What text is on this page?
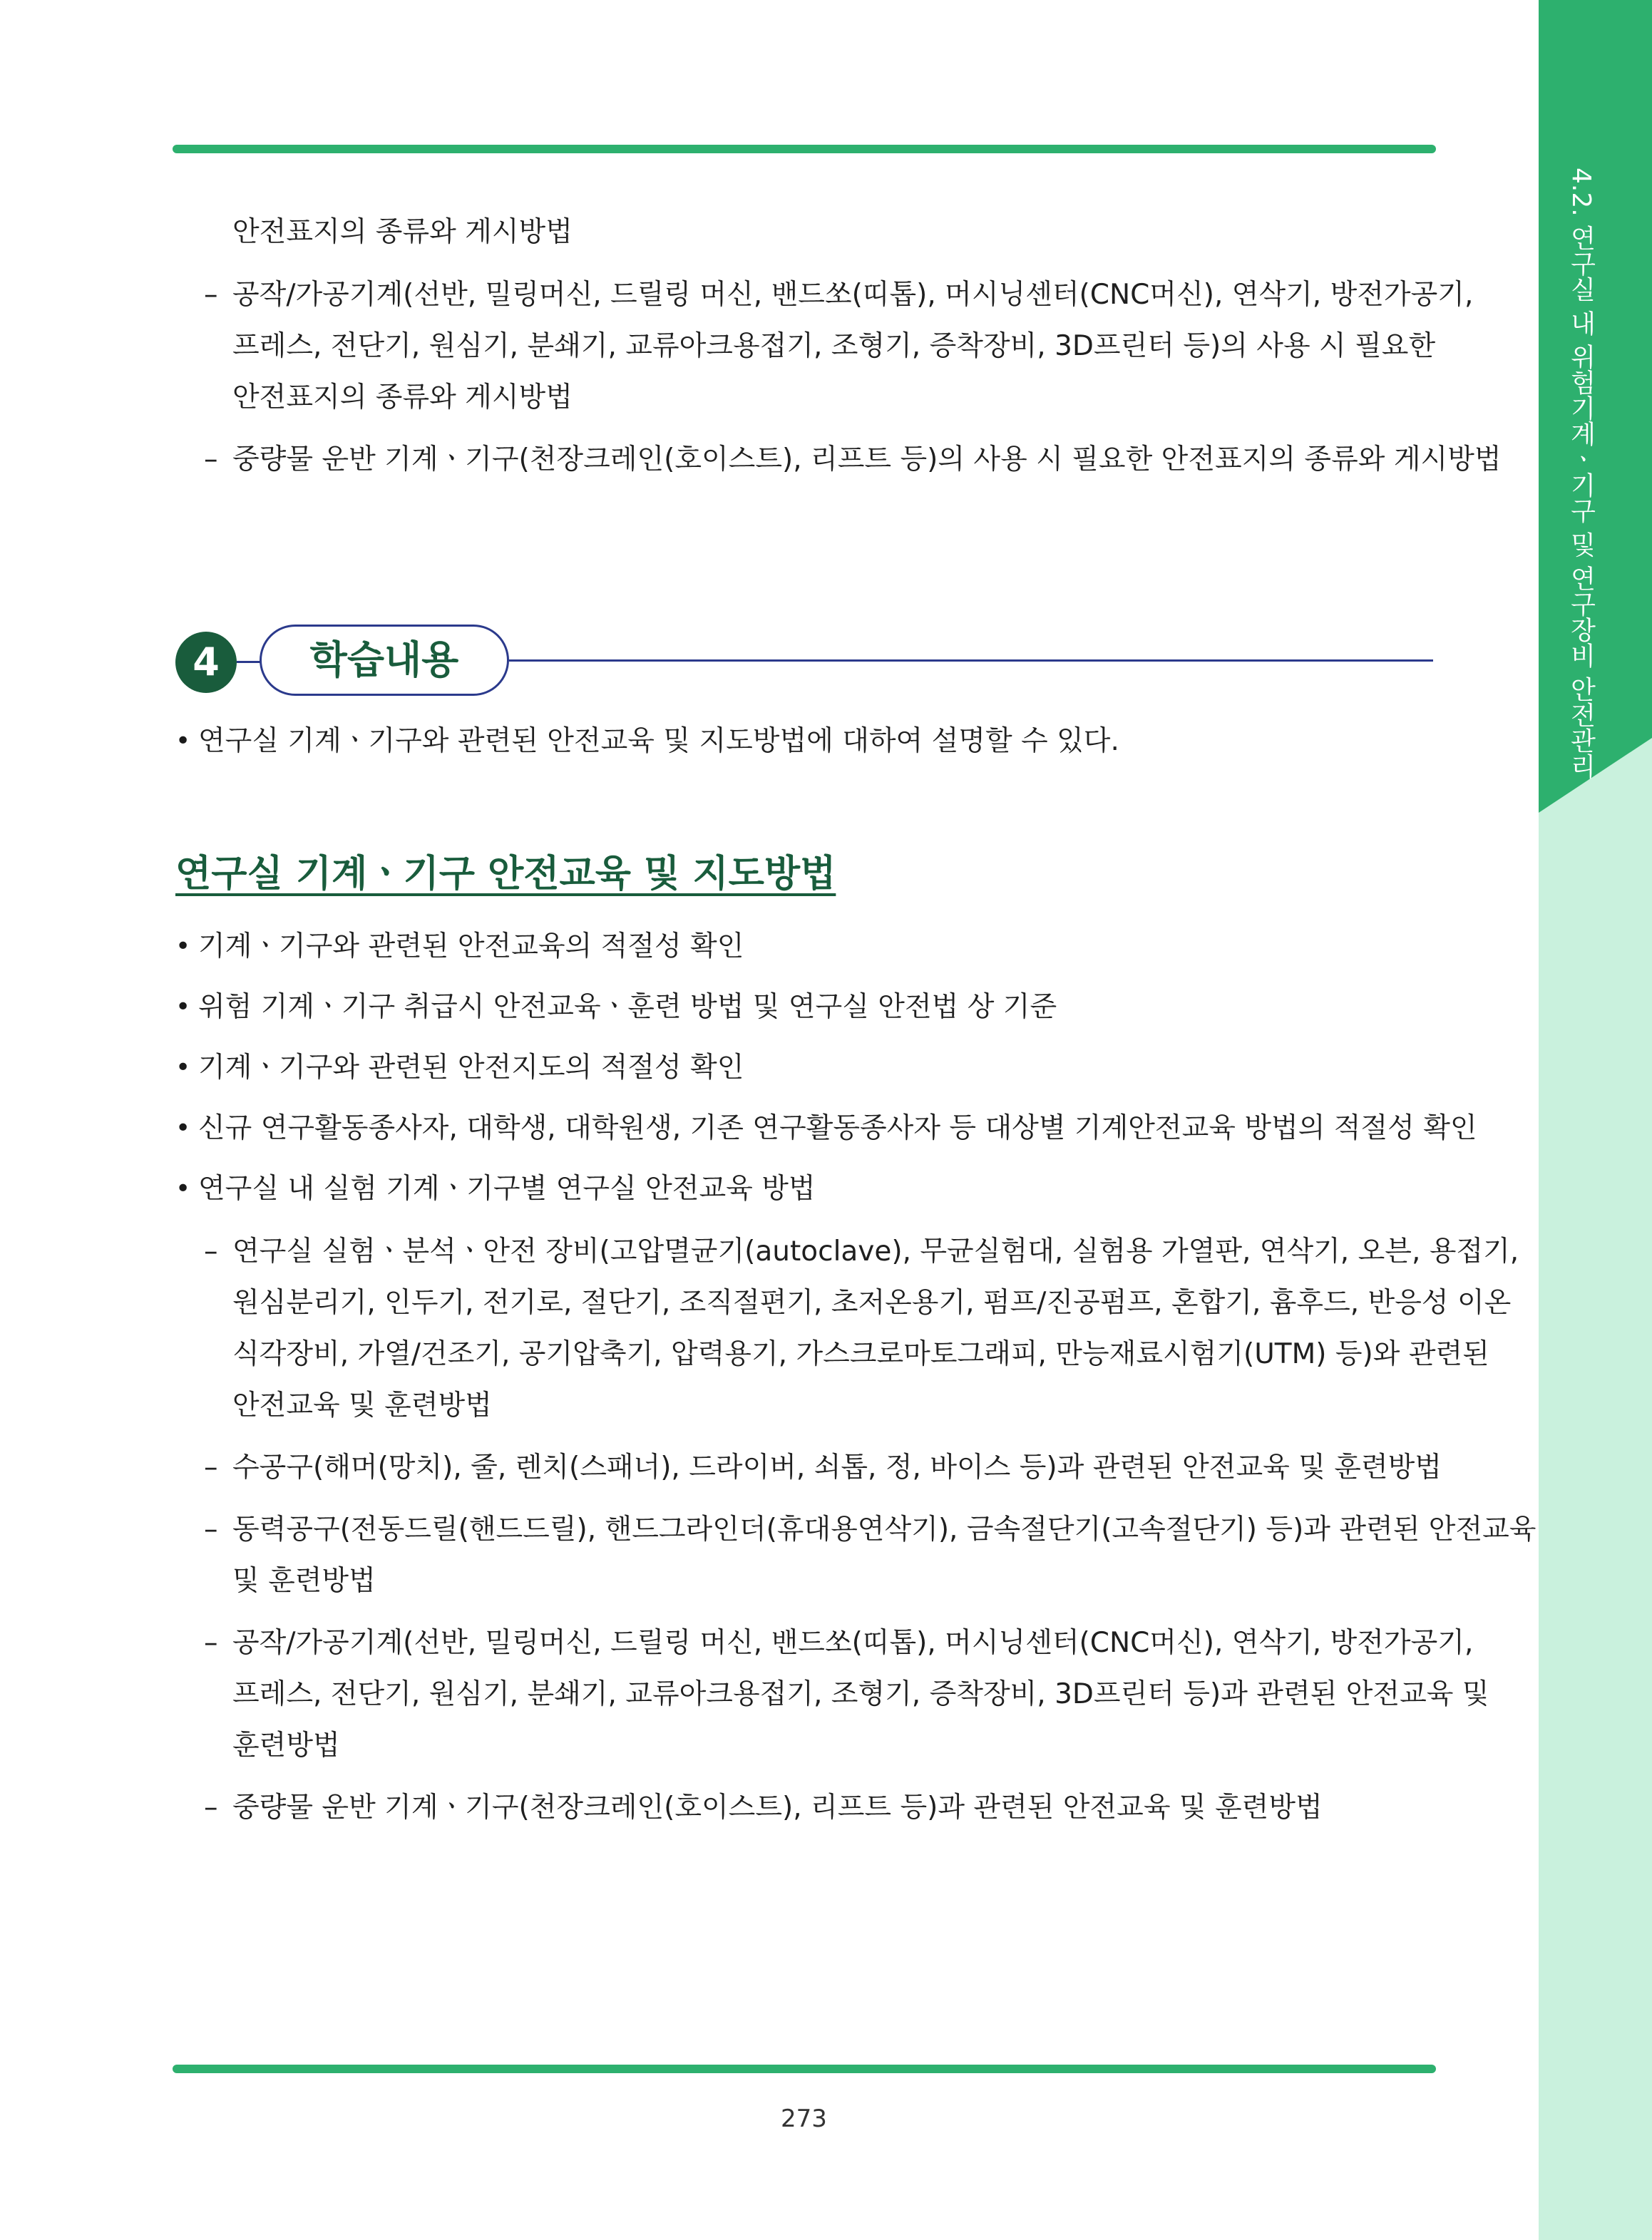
4.2. 연구실 내 위험기계ㆍ기구 및 연구장비 안전관리
안전표지의 종류와 게시방법
– 공작/가공기계(선반, 밀링머신, 드릴링 머신, 밴드쏘(띠톱), 머시닝센터(CNC머신), 연삭기, 방전가공기,
프레스, 전단기, 원심기, 분쇄기, 교류아크용접기, 조형기, 증착장비, 3D프린터 등)의 사용 시 필요한
안전표지의 종류와 게시방법
– 중량물 운반 기계ㆍ기구(천장크레인(호이스트), 리프트 등)의 사용 시 필요한 안전표지의 종류와 게시방법
4	학습내용
• 연구실 기계ㆍ기구와 관련된 안전교육 및 지도방법에 대하여 설명할 수 있다.
연구실 기계ㆍ기구 안전교육 및 지도방법
• 기계ㆍ기구와 관련된 안전교육의 적절성 확인
• 위험 기계ㆍ기구 취급시 안전교육ㆍ훈련 방법 및 연구실 안전법 상 기준
• 기계ㆍ기구와 관련된 안전지도의 적절성 확인
• 신규 연구활동종사자, 대학생, 대학원생, 기존 연구활동종사자 등 대상별 기계안전교육 방법의 적절성 확인
• 연구실 내 실험 기계ㆍ기구별 연구실 안전교육 방법
– 연구실 실험ㆍ분석ㆍ안전 장비(고압멸균기(autoclave), 무균실험대, 실험용 가열판, 연삭기, 오븐, 용접기,
원심분리기, 인두기, 전기로, 절단기, 조직절편기, 초저온용기, 펌프/진공펌프, 혼합기, 흄후드, 반응성 이온
식각장비, 가열/건조기, 공기압축기, 압력용기, 가스크로마토그래피, 만능재료시험기(UTM) 등)와 관련된
안전교육 및 훈련방법
– 수공구(해머(망치), 줄, 렌치(스패너), 드라이버, 쇠톱, 정, 바이스 등)과 관련된 안전교육 및 훈련방법
– 동력공구(전동드릴(핸드드릴), 핸드그라인더(휴대용연삭기), 금속절단기(고속절단기) 등)과 관련된 안전교육
및 훈련방법
– 공작/가공기계(선반, 밀링머신, 드릴링 머신, 밴드쏘(띠톱), 머시닝센터(CNC머신), 연삭기, 방전가공기,
프레스, 전단기, 원심기, 분쇄기, 교류아크용접기, 조형기, 증착장비, 3D프린터 등)과 관련된 안전교육 및
훈련방법
– 중량물 운반 기계ㆍ기구(천장크레인(호이스트), 리프트 등)과 관련된 안전교육 및 훈련방법
273
